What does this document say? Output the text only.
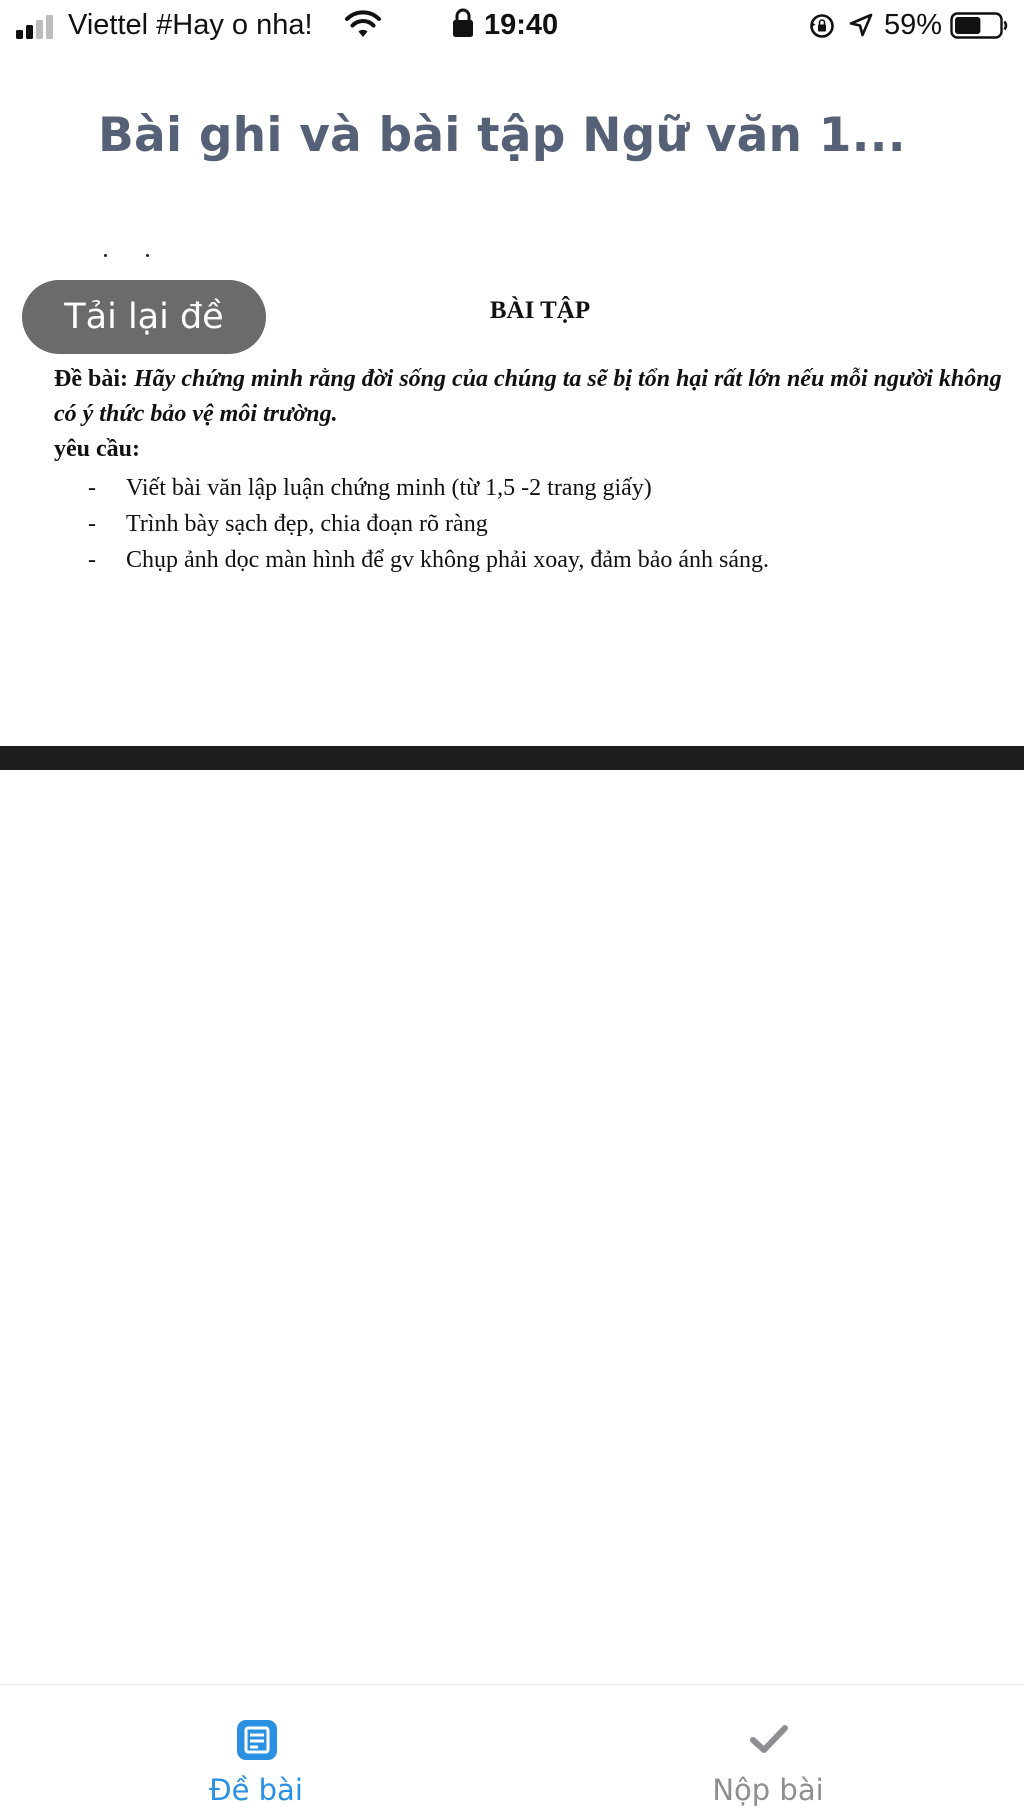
Viettel #Hay o nha!	19:40	59%
Bài ghi và bài tập Ngữ văn 1...
Tải lại đề	BÀI TẬP
Đề bài: Hãy chứng minh rằng đời sống của chúng ta sẽ bị tổn hại rất lớn nếu mỗi người không có ý thức bảo vệ môi trường.
yêu cầu:
- Viết bài văn lập luận chứng minh (từ 1,5 -2 trang giấy)
- Trình bày sạch đẹp, chia đoạn rõ ràng
- Chụp ảnh dọc màn hình để gv không phải xoay, đảm bảo ánh sáng.
Đề bài	Nộp bài
